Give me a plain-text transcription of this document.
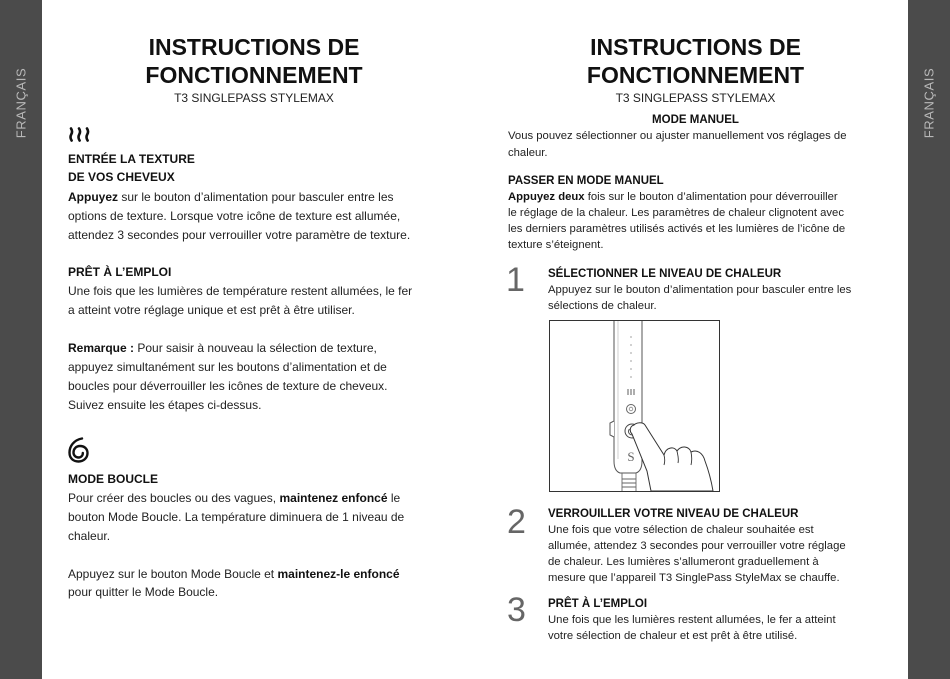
FRANÇAIS	FRANÇAIS
INSTRUCTIONS DE
FONCTIONNEMENT
T3 SINGLEPASS STYLEMAX
ENTRÉE LA TEXTURE
DE VOS CHEVEUX
Appuyez sur le bouton d’alimentation pour basculer entre les
options de texture. Lorsque votre icône de texture est allumée,
attendez 3 secondes pour verrouiller votre paramètre de texture.
PRÊT À L’EMPLOI
Une fois que les lumières de température restent allumées, le fer
a atteint votre réglage unique et est prêt à être utiliser.
Remarque : Pour saisir à nouveau la sélection de texture,
appuyez simultanément sur les boutons d’alimentation et de
boucles pour déverrouiller les icônes de texture de cheveux.
Suivez ensuite les étapes ci-dessus.
MODE BOUCLE
Pour créer des boucles ou des vagues, maintenez enfoncé le
bouton Mode Boucle. La température diminuera de 1 niveau de
chaleur.
Appuyez sur le bouton Mode Boucle et maintenez-le enfoncé
pour quitter le Mode Boucle.
INSTRUCTIONS DE
FONCTIONNEMENT
T3 SINGLEPASS STYLEMAX
MODE MANUEL
Vous pouvez sélectionner ou ajuster manuellement vos réglages de
chaleur.
PASSER EN MODE MANUEL
Appuyez deux fois sur le bouton d’alimentation pour déverrouiller
le réglage de la chaleur. Les paramètres de chaleur clignotent avec
les derniers paramètres utilisés activés et les lumières de l’icône de
texture s’éteignent.
1 SÉLECTIONNER LE NIVEAU DE CHALEUR
Appuyez sur le bouton d’alimentation pour basculer entre les
sélections de chaleur.
S
2 VERROUILLER VOTRE NIVEAU DE CHALEUR
Une fois que votre sélection de chaleur souhaitée est
allumée, attendez 3 secondes pour verrouiller votre réglage
de chaleur. Les lumières s’allumeront graduellement à
mesure que l’appareil T3 SinglePass StyleMax se chauffe.
3 PRÊT À L’EMPLOI
Une fois que les lumières restent allumées, le fer a atteint
votre sélection de chaleur et est prêt à être utilisé.
